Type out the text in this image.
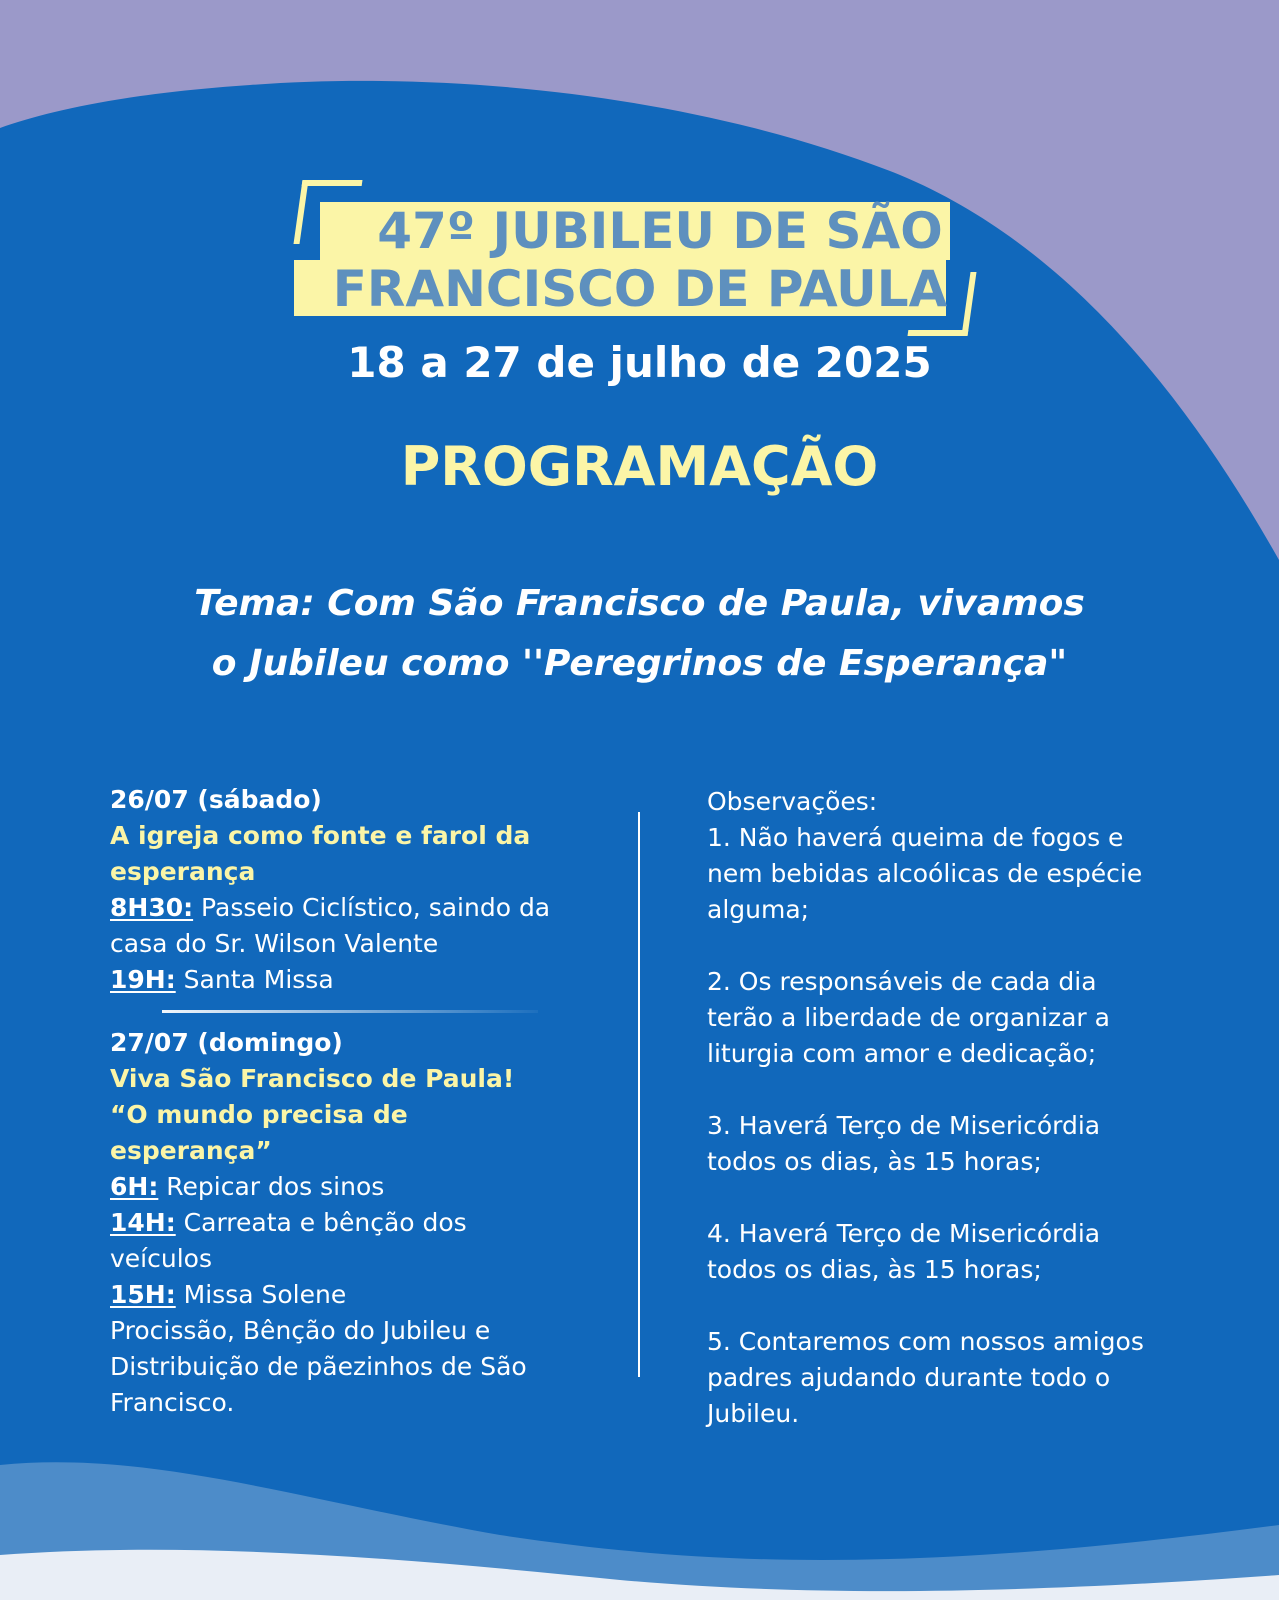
47º JUBILEU DE SÃO
FRANCISCO DE PAULA
18 a 27 de julho de 2025
PROGRAMAÇÃO
Tema: Com São Francisco de Paula, vivamos
o Jubileu como ''Peregrinos de Esperança"
26/07 (sábado)
A igreja como fonte e farol da
esperança
8H30: Passeio Ciclístico, saindo da
casa do Sr. Wilson Valente
19H: Santa Missa
27/07 (domingo)
Viva São Francisco de Paula!
“O mundo precisa de
esperança”
6H: Repicar dos sinos
14H: Carreata e bênção dos
veículos
15H: Missa Solene
Procissão, Bênção do Jubileu e
Distribuição de pãezinhos de São
Francisco.
Observações:
1. Não haverá queima de fogos e
nem bebidas alcoólicas de espécie
alguma;
2. Os responsáveis de cada dia
terão a liberdade de organizar a
liturgia com amor e dedicação;
3. Haverá Terço de Misericórdia
todos os dias, às 15 horas;
4. Haverá Terço de Misericórdia
todos os dias, às 15 horas;
5. Contaremos com nossos amigos
padres ajudando durante todo o
Jubileu.
